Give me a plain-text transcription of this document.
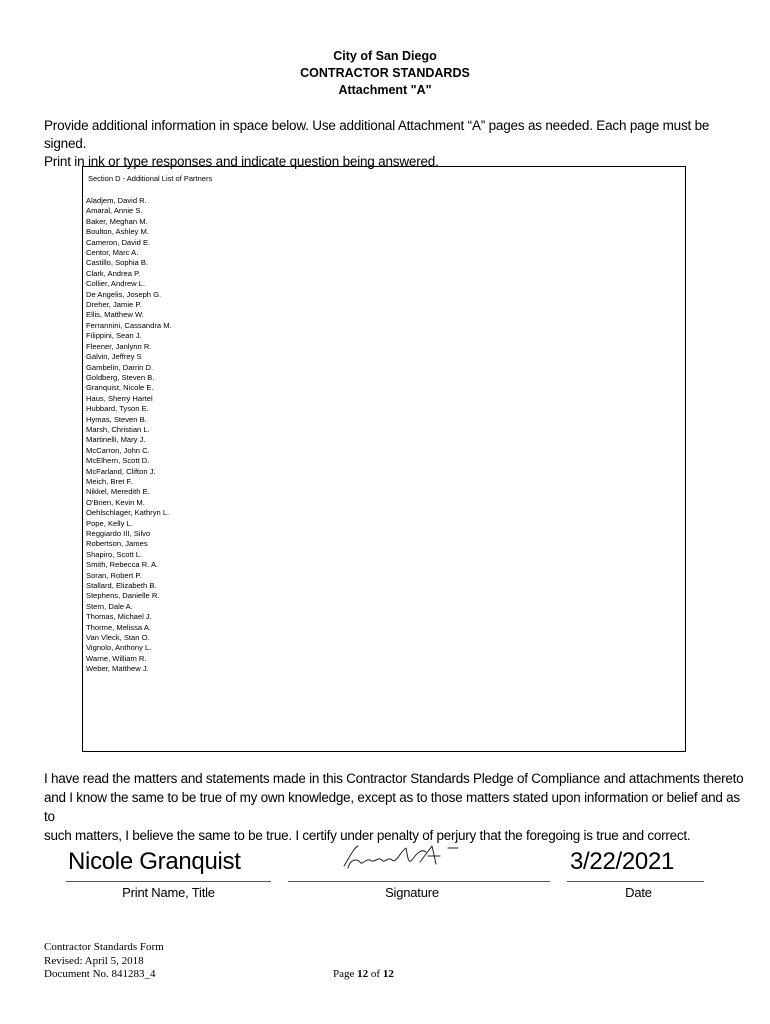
City of San Diego
CONTRACTOR STANDARDS
Attachment "A"
Provide additional information in space below. Use additional Attachment “A” pages as needed. Each page must be signed.
Print in ink or type responses and indicate question being answered.
Section D - Additional List of Partners
Aladjem, David R.
Amaral, Annie S.
Baker, Meghan M.
Boulton, Ashley M.
Cameron, David E.
Centor, Marc A.
Castillo, Sophia B.
Clark, Andrea P.
Collier, Andrew L.
De Angelis, Joseph G.
Dreher, Jamie P.
Ellis, Matthew W.
Ferrannini, Cassandra M.
Filippini, Sean J.
Fleener, Janlynn R.
Galvin, Jeffrey S
Gambelin, Darrin D.
Goldberg, Steven B.
Granquist, Nicole E.
Haus, Sherry Hartel
Hubbard, Tyson E.
Hymas, Steven B.
Marsh, Christian L.
Martinelli, Mary J.
McCarron, John C.
McElhern, Scott D.
McFarland, Clifton J.
Meich, Bret F.
Nikkel, Meredith E.
O'Brien, Kevin M.
Oehlschlager, Kathryn L.
Pope, Kelly L.
Reggiardo III, Silvo
Robertson, James
Shapiro, Scott L.
Smith, Rebecca R. A.
Soran, Robert P.
Stallard, Elizabeth B.
Stephens, Danielle R.
Stern, Dale A.
Thomas, Michael J.
Thorme, Melissa A.
Van Vleck, Stan O.
Vignolo, Anthony L.
Warne, William R.
Weber, Matthew J.
I have read the matters and statements made in this Contractor Standards Pledge of Compliance and attachments thereto
and I know the same to be true of my own knowledge, except as to those matters stated upon information or belief and as to
such matters, I believe the same to be true. I certify under penalty of perjury that the foregoing is true and correct.
Nicole Granquist	3/22/2021
Print Name, Title	Signature	Date
Contractor Standards Form
Revised: April 5, 2018
Document No. 841283_4	Page 12 of 12
